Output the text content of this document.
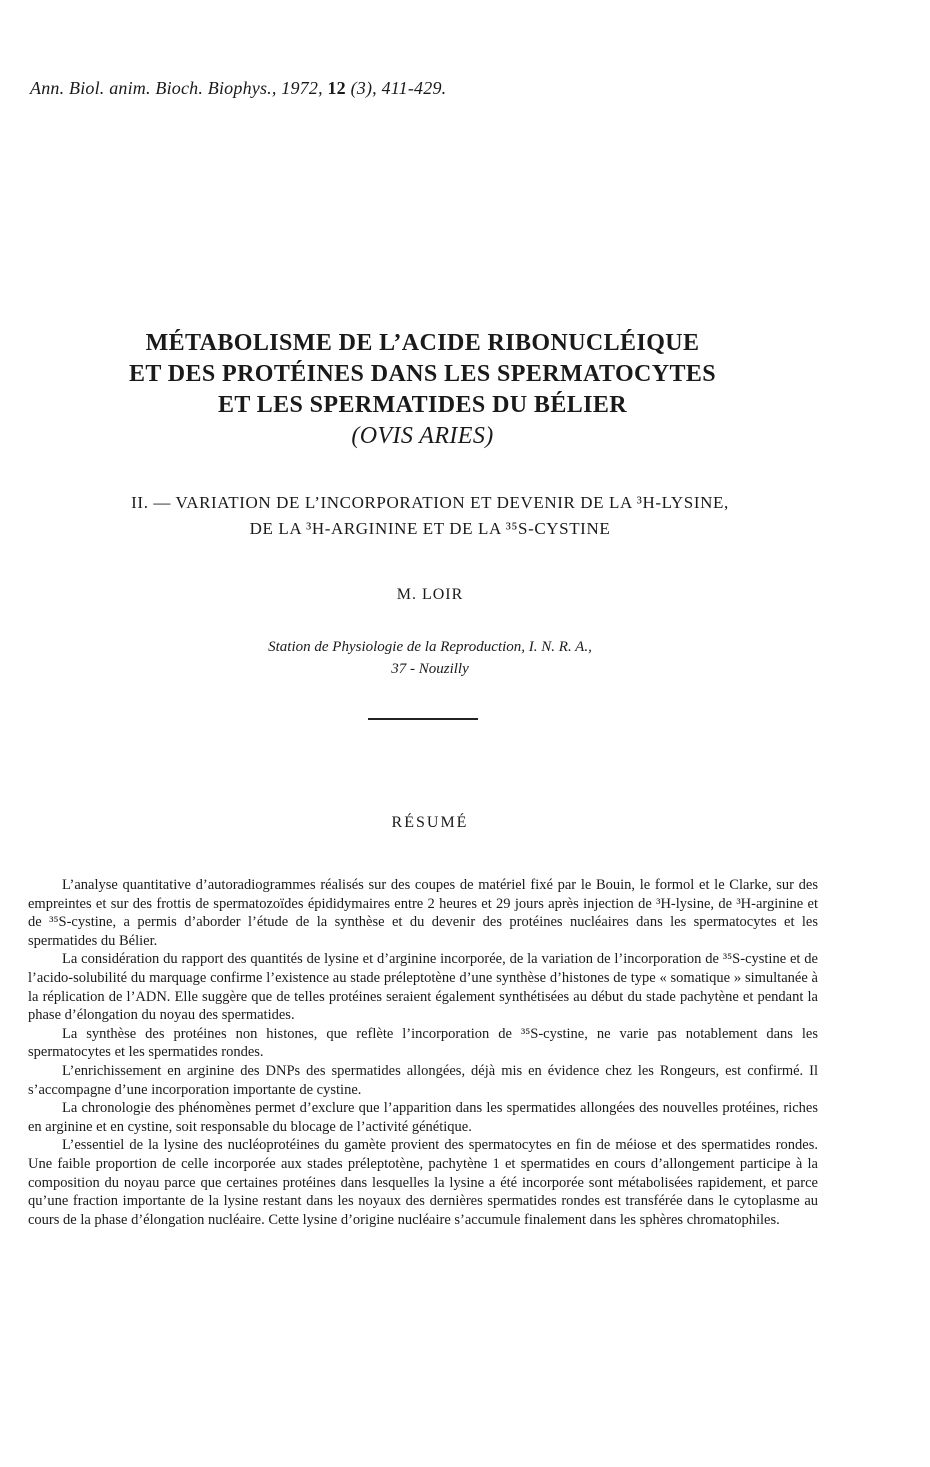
Ann. Biol. anim. Bioch. Biophys., 1972, 12 (3), 411-429.
MÉTABOLISME DE L’ACIDE RIBONUCLÉIQUE
ET DES PROTÉINES DANS LES SPERMATOCYTES
ET LES SPERMATIDES DU BÉLIER
(OVIS ARIES)
II. — VARIATION DE L’INCORPORATION ET DEVENIR DE LA ³H-LYSINE,
DE LA ³H-ARGININE ET DE LA ³⁵S-CYSTINE
M. LOIR
Station de Physiologie de la Reproduction, I. N. R. A.,
37 - Nouzilly
RÉSUMÉ

L’analyse quantitative d’autoradiogrammes réalisés sur des coupes de matériel fixé par le Bouin, le formol et le Clarke, sur des empreintes et sur des frottis de spermatozoïdes épididymaires entre 2 heures et 29 jours après injection de ³H-lysine, de ³H-arginine et de ³⁵S-cystine, a permis d’aborder l’étude de la synthèse et du devenir des protéines nucléaires dans les spermatocytes et les spermatides du Bélier.

La considération du rapport des quantités de lysine et d’arginine incorporée, de la variation de l’incorporation de ³⁵S-cystine et de l’acido-solubilité du marquage confirme l’existence au stade préleptotène d’une synthèse d’histones de type « somatique » simultanée à la réplication de l’ADN. Elle suggère que de telles protéines seraient également synthétisées au début du stade pachytène et pendant la phase d’élongation du noyau des spermatides.

La synthèse des protéines non histones, que reflète l’incorporation de ³⁵S-cystine, ne varie pas notablement dans les spermatocytes et les spermatides rondes.

L’enrichissement en arginine des DNPs des spermatides allongées, déjà mis en évidence chez les Rongeurs, est confirmé. Il s’accompagne d’une incorporation importante de cystine.

La chronologie des phénomènes permet d’exclure que l’apparition dans les spermatides allongées des nouvelles protéines, riches en arginine et en cystine, soit responsable du blocage de l’activité génétique.

L’essentiel de la lysine des nucléoprotéines du gamète provient des spermatocytes en fin de méiose et des spermatides rondes. Une faible proportion de celle incorporée aux stades préleptotène, pachytène 1 et spermatides en cours d’allongement participe à la composition du noyau parce que certaines protéines dans lesquelles la lysine a été incorporée sont métabolisées rapidement, et parce qu’une fraction importante de la lysine restant dans les noyaux des dernières spermatides rondes est transférée dans le cytoplasme au cours de la phase d’élongation nucléaire. Cette lysine d’origine nucléaire s’accumule finalement dans les sphères chromatophiles.
